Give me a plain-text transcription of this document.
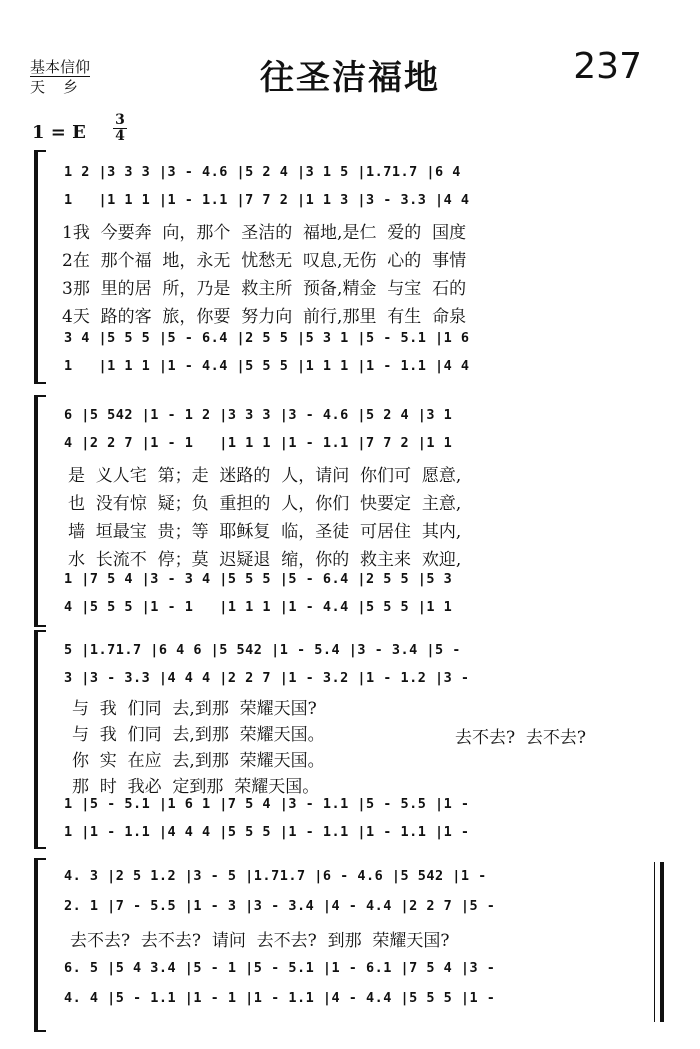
基本信仰
天乡	往圣洁福地	237
1 = E $\frac{3}{4}$
1 2 |3 3 3 |3 - 4.6 |5 2 4 |3 1 5 |1.71.7 |6 4
1   |1 1 1 |1 - 1.1 |7 7 2 |1 1 3 |3 - 3.3 |4 4
1我  今要奔  向，那个  圣洁的  福地,是仁  爱的  国度
2在  那个福  地，永无  忧愁无  叹息,无伤  心的  事情
3那  里的居  所，乃是  救主所  预备,精金  与宝  石的
4天  路的客  旅，你要  努力向  前行,那里  有生  命泉
3 4 |5 5 5 |5 - 6.4 |2 5 5 |5 3 1 |5 - 5.1 |1 6
1   |1 1 1 |1 - 4.4 |5 5 5 |1 1 1 |1 - 1.1 |4 4
6 |5 542 |1 - 1 2 |3 3 3 |3 - 4.6 |5 2 4 |3 1
4 |2 2 7 |1 - 1   |1 1 1 |1 - 1.1 |7 7 2 |1 1
是  义人宅  第；走  迷路的  人，请问  你们可  愿意,
也  没有惊  疑；负  重担的  人，你们  快要定  主意,
墙  垣最宝  贵；等  耶稣复  临，圣徒  可居住  其内,
水  长流不  停；莫  迟疑退  缩，你的  救主来  欢迎,
1 |7 5 4 |3 - 3 4 |5 5 5 |5 - 6.4 |2 5 5 |5 3
4 |5 5 5 |1 - 1   |1 1 1 |1 - 4.4 |5 5 5 |1 1
5 |1.71.7 |6 4 6 |5 542 |1 - 5.4 |3 - 3.4 |5 -
3 |3 - 3.3 |4 4 4 |2 2 7 |1 - 3.2 |1 - 1.2 |3 -
与  我  们同  去,到那  荣耀天国?
与  我  们同  去,到那  荣耀天国。	去不去?  去不去?
你  实  在应  去,到那  荣耀天国。
那  时  我必  定到那  荣耀天国。
1 |5 - 5.1 |1 6 1 |7 5 4 |3 - 1.1 |5 - 5.5 |1 -
1 |1 - 1.1 |4 4 4 |5 5 5 |1 - 1.1 |1 - 1.1 |1 -
4. 3 |2 5 1.2 |3 - 5 |1.71.7 |6 - 4.6 |5 542 |1 -
2. 1 |7 - 5.5 |1 - 3 |3 - 3.4 |4 - 4.4 |2 2 7 |5 -
去不去?  去不去?  请问  去不去?  到那  荣耀天国?
6. 5 |5 4 3.4 |5 - 1 |5 - 5.1 |1 - 6.1 |7 5 4 |3 -
4. 4 |5 - 1.1 |1 - 1 |1 - 1.1 |4 - 4.4 |5 5 5 |1 -
